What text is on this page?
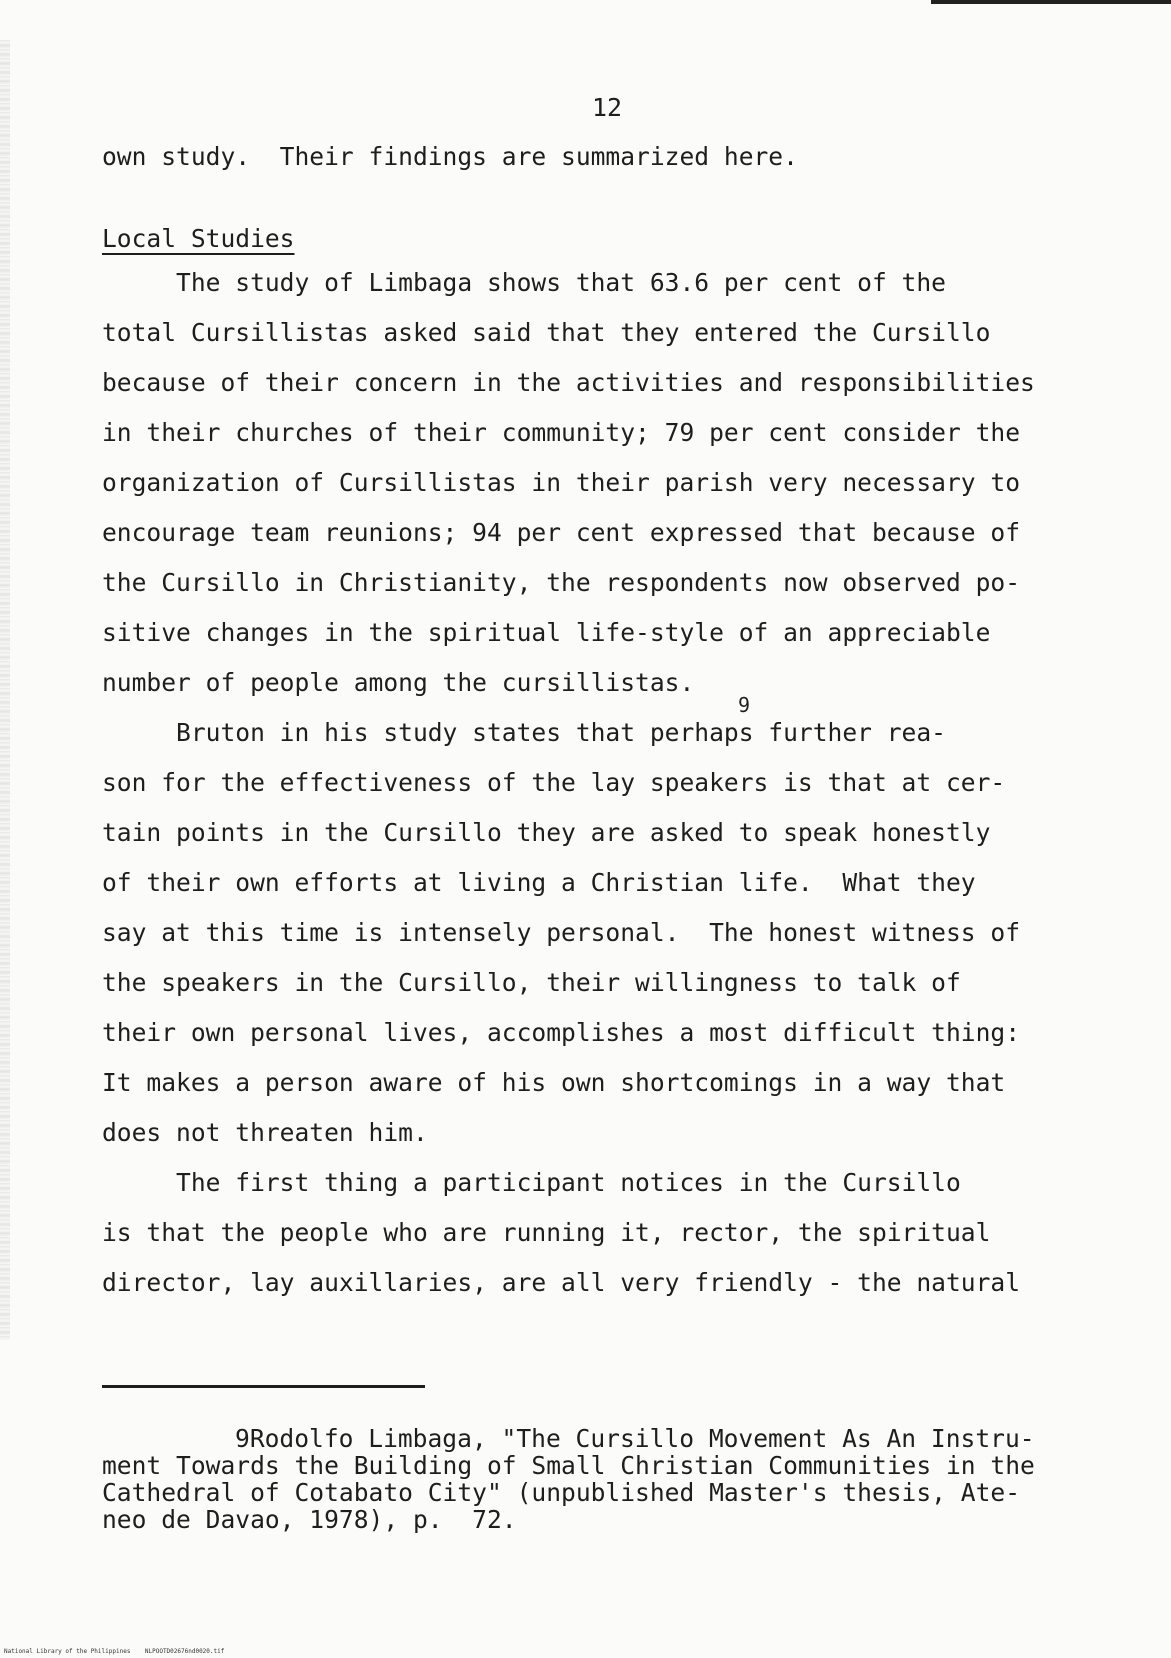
12
own study.  Their findings are summarized here.
Local Studies
The study of Limbaga shows that 63.6 per cent of the
total Cursillistas asked said that they entered the Cursillo
because of their concern in the activities and responsibilities
in their churches of their community; 79 per cent consider the
organization of Cursillistas in their parish very necessary to
encourage team reunions; 94 per cent expressed that because of
the Cursillo in Christianity, the respondents now observed po-
sitive changes in the spiritual life-style of an appreciable
number of people among the cursillistas.
9
Bruton in his study states that perhaps further rea-
son for the effectiveness of the lay speakers is that at cer-
tain points in the Cursillo they are asked to speak honestly
of their own efforts at living a Christian life.  What they
say at this time is intensely personal.  The honest witness of
the speakers in the Cursillo, their willingness to talk of
their own personal lives, accomplishes a most difficult thing:
It makes a person aware of his own shortcomings in a way that
does not threaten him.
The first thing a participant notices in the Cursillo
is that the people who are running it, rector, the spiritual
director, lay auxillaries, are all very friendly - the natural
9Rodolfo Limbaga, "The Cursillo Movement As An Instru-
ment Towards the Building of Small Christian Communities in the
Cathedral of Cotabato City" (unpublished Master's thesis, Ate-
neo de Davao, 1978), p.  72.
National Library of the Philippines    NLPOOTD02676nd0020.tif
